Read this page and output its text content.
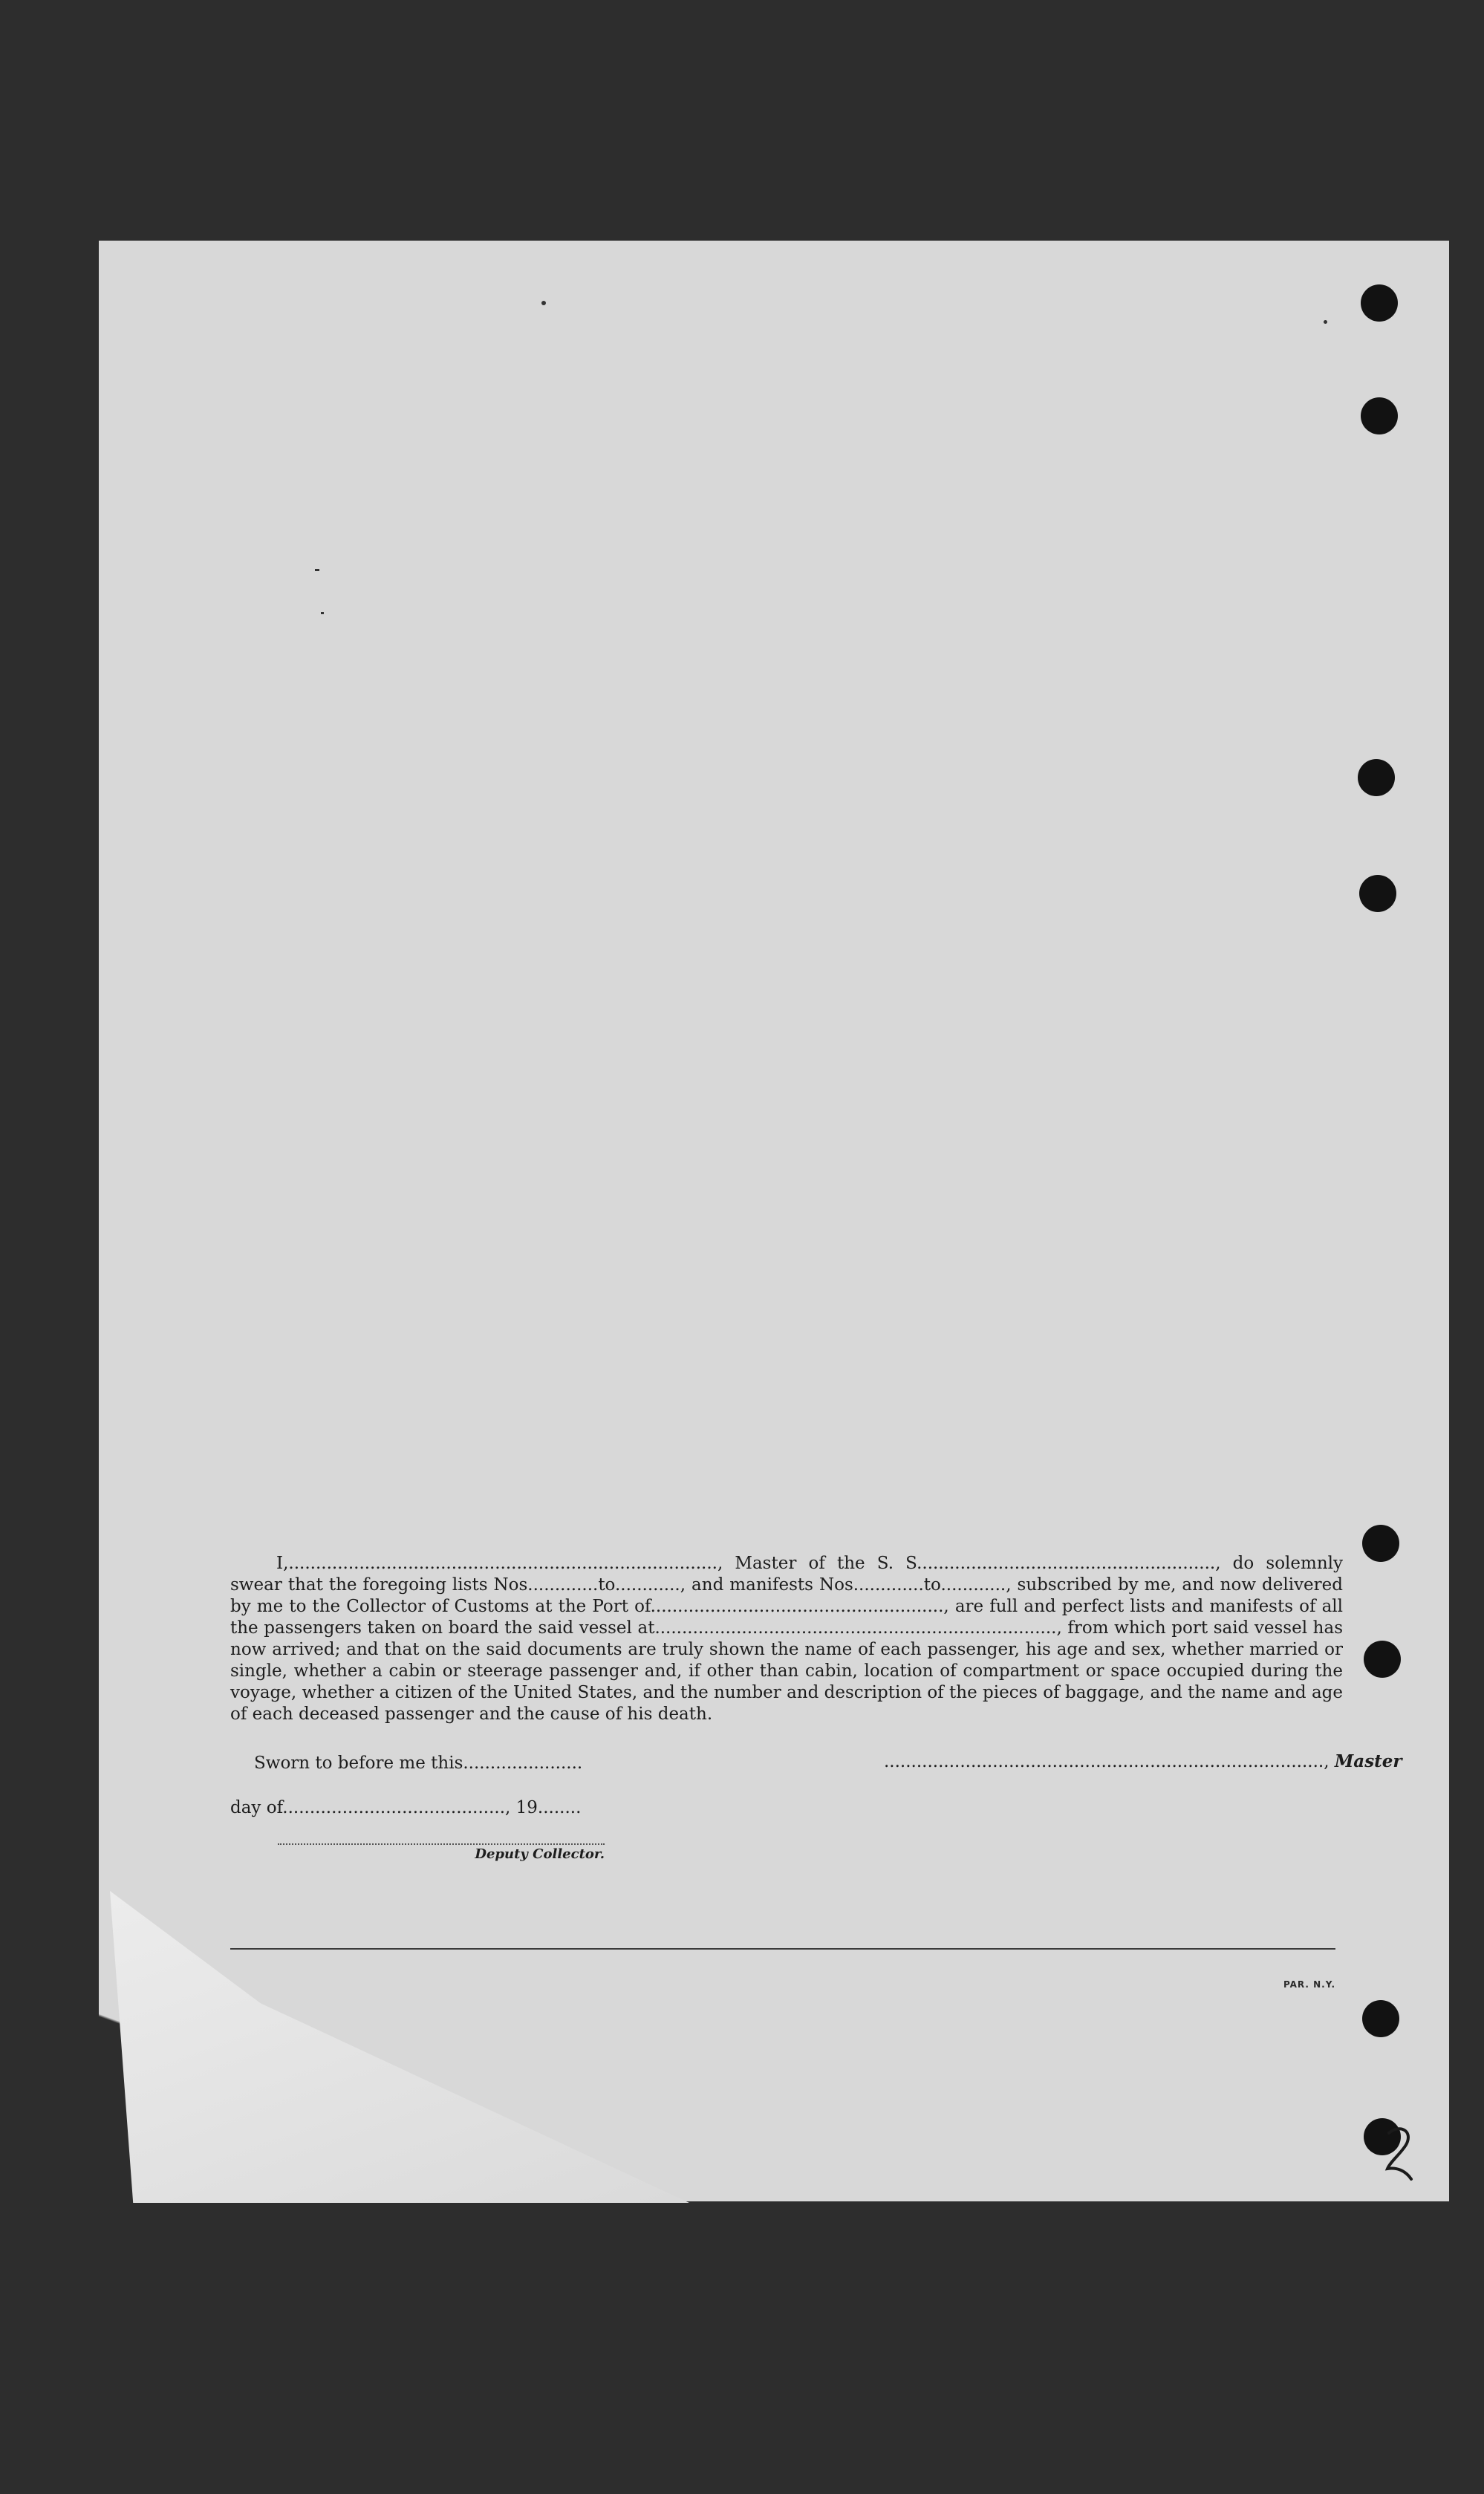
I,..............................................................................., Master of the S. S......................................................., do solemnly swear that the foregoing lists Nos.............to............, and manifests Nos.............to............, subscribed by me, and now delivered by me to the Collector of Customs at the Port of......................................................, are full and perfect lists and manifests of all the passengers taken on board the said vessel at.........................................................................., from which port said vessel has now arrived; and that on the said documents are truly shown the name of each passenger, his age and sex, whether married or single, whether a cabin or steerage passenger and, if other than cabin, location of compartment or space occupied during the voyage, whether a citizen of the United States, and the number and description of the pieces of baggage, and the name and age of each deceased passenger and the cause of his death.
Sworn to before me this......................	................................................................................., Master
day of........................................., 19........
Deputy Collector.
PAR. N.Y.
